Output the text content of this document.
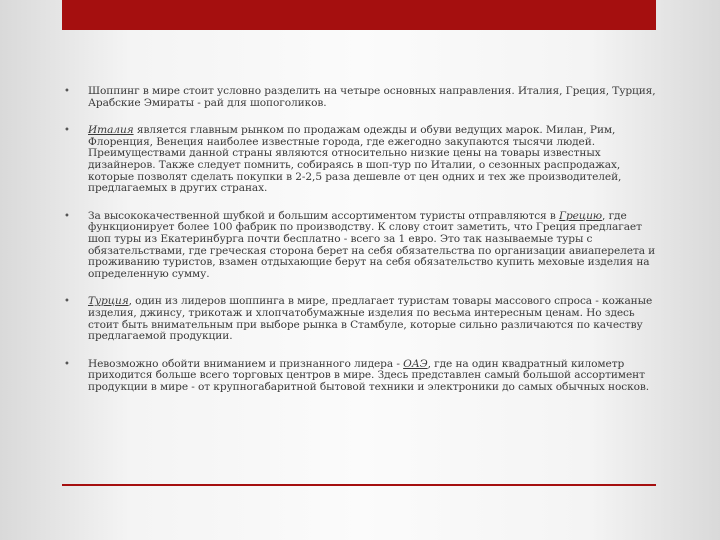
• Шоппинг в мире стоит условно разделить на четыре основных направления. Италия, Греция, Турция, Арабские Эмираты - рай для шопоголиков.
• Италия является главным рынком по продажам одежды и обуви ведущих марок. Милан, Рим, Флоренция, Венеция наиболее известные города, где ежегодно закупаются тысячи людей. Преимуществами данной страны являются относительно низкие цены на товары известных дизайнеров. Также следует помнить, собираясь в шоп-тур по Италии, о сезонных распродажах, которые позволят сделать покупки в 2-2,5 раза дешевле от цен одних и тех же производителей, предлагаемых в других странах.
• За высококачественной шубкой и большим ассортиментом туристы отправляются в Грецию, где функционирует более 100 фабрик по производству. К слову стоит заметить, что Греция предлагает шоп туры из Екатеринбурга почти бесплатно - всего за 1 евро. Это так называемые туры с обязательствами, где греческая сторона берет на себя обязательства по организации авиаперелета и проживанию туристов, взамен отдыхающие берут на себя обязательство купить меховые изделия на определенную сумму.
• Турция, один из лидеров шоппинга в мире, предлагает туристам товары массового спроса - кожаные изделия, джинсу, трикотаж и хлопчатобумажные изделия по весьма интересным ценам. Но здесь стоит быть внимательным при выборе рынка в Стамбуле, которые сильно различаются по качеству предлагаемой продукции.
• Невозможно обойти вниманием и признанного лидера - ОАЭ, где на один квадратный километр приходится больше всего торговых центров в мире. Здесь представлен самый большой ассортимент продукции в мире - от крупногабаритной бытовой техники и электроники до самых обычных носков.
